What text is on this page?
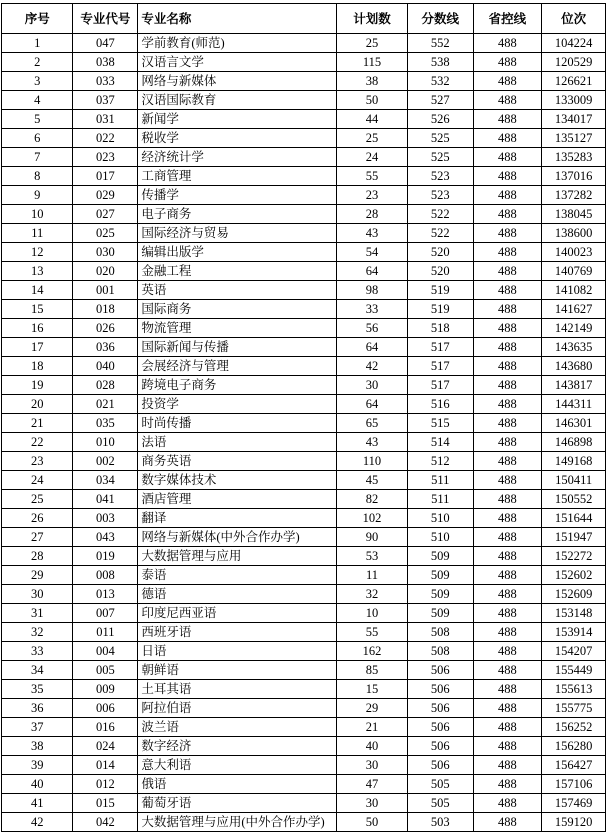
序号	专业代号	专业名称	计划数	分数线	省控线	位次
1	047	学前教育(师范)	25	552	488	104224
2	038	汉语言文学	115	538	488	120529
3	033	网络与新媒体	38	532	488	126621
4	037	汉语国际教育	50	527	488	133009
5	031	新闻学	44	526	488	134017
6	022	税收学	25	525	488	135127
7	023	经济统计学	24	525	488	135283
8	017	工商管理	55	523	488	137016
9	029	传播学	23	523	488	137282
10	027	电子商务	28	522	488	138045
11	025	国际经济与贸易	43	522	488	138600
12	030	编辑出版学	54	520	488	140023
13	020	金融工程	64	520	488	140769
14	001	英语	98	519	488	141082
15	018	国际商务	33	519	488	141627
16	026	物流管理	56	518	488	142149
17	036	国际新闻与传播	64	517	488	143635
18	040	会展经济与管理	42	517	488	143680
19	028	跨境电子商务	30	517	488	143817
20	021	投资学	64	516	488	144311
21	035	时尚传播	65	515	488	146301
22	010	法语	43	514	488	146898
23	002	商务英语	110	512	488	149168
24	034	数字媒体技术	45	511	488	150411
25	041	酒店管理	82	511	488	150552
26	003	翻译	102	510	488	151644
27	043	网络与新媒体(中外合作办学)	90	510	488	151947
28	019	大数据管理与应用	53	509	488	152272
29	008	泰语	11	509	488	152602
30	013	德语	32	509	488	152609
31	007	印度尼西亚语	10	509	488	153148
32	011	西班牙语	55	508	488	153914
33	004	日语	162	508	488	154207
34	005	朝鲜语	85	506	488	155449
35	009	土耳其语	15	506	488	155613
36	006	阿拉伯语	29	506	488	155775
37	016	波兰语	21	506	488	156252
38	024	数字经济	40	506	488	156280
39	014	意大利语	30	506	488	156427
40	012	俄语	47	505	488	157106
41	015	葡萄牙语	30	505	488	157469
42	042	大数据管理与应用(中外合作办学)	50	503	488	159120
